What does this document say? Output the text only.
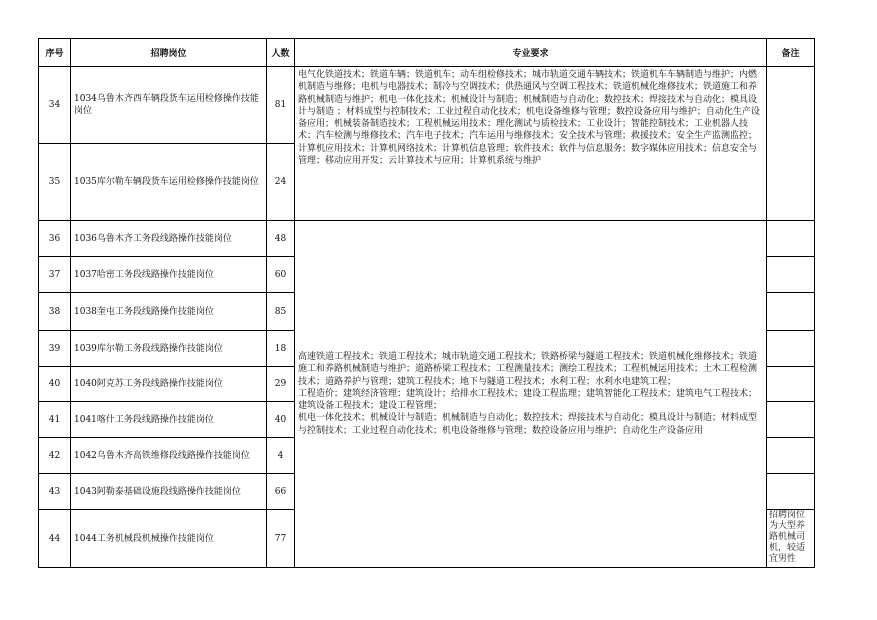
序号	招聘岗位	人数	专业要求	备注
34	1034乌鲁木齐西车辆段货车运用检修操作技能岗位	81	电气化铁道技术；铁道车辆；铁道机车；动车组检修技术；城市轨道交通车辆技术；铁道机车车辆制造与维护；内燃机制造与维修；电机与电器技术；制冷与空调技术；供热通风与空调工程技术；铁道机械化维修技术；铁道施工和养路机械制造与维护；机电一体化技术；机械设计与制造；机械制造与自动化；数控技术；焊接技术与自动化；模具设计与制造 ；材料成型与控制技术；工业过程自动化技术；机电设备维修与管理；数控设备应用与维护；自动化生产设备应用；机械装备制造技术；工程机械运用技术；理化测试与质检技术；工业设计；智能控制技术；工业机器人技术；汽车检测与维修技术；汽车电子技术；汽车运用与维修技术；安全技术与管理；救援技术；安全生产监测监控；计算机应用技术；计算机网络技术；计算机信息管理；软件技术；软件与信息服务；数字媒体应用技术；信息安全与管理；移动应用开发；云计算技术与应用；计算机系统与维护	
35	1035库尔勒车辆段货车运用检修操作技能岗位	24		
36	1036乌鲁木齐工务段线路操作技能岗位	48	高速铁道工程技术；铁道工程技术；城市轨道交通工程技术；铁路桥梁与隧道工程技术；铁道机械化维修技术；铁道施工和养路机械制造与维护；道路桥梁工程技术；工程测量技术；测绘工程技术；工程机械运用技术；土木工程检测技术；道路养护与管理；建筑工程技术；地下与隧道工程技术；水利工程；水利水电建筑工程；
工程造价；建筑经济管理；建筑设计；给排水工程技术；建设工程监理；建筑智能化工程技术；建筑电气工程技术；建筑设备工程技术；建设工程管理；
机电一体化技术；机械设计与制造；机械制造与自动化；数控技术；焊接技术与自动化；模具设计与制造；材料成型与控制技术；工业过程自动化技术；机电设备维修与管理；数控设备应用与维护；自动化生产设备应用	

37	1037哈密工务段线路操作技能岗位	60		
38	1038奎屯工务段线路操作技能岗位	85		
39	1039库尔勒工务段线路操作技能岗位	18		
40	1040阿克苏工务段线路操作技能岗位	29		
41	1041喀什工务段线路操作技能岗位	40		
42	1042乌鲁木齐高铁维修段线路操作技能岗位	4		
43	1043阿勒泰基础设施段线路操作技能岗位	66		
44	1044工务机械段机械操作技能岗位	77		招聘岗位为大型养路机械司机，较适宜男性
